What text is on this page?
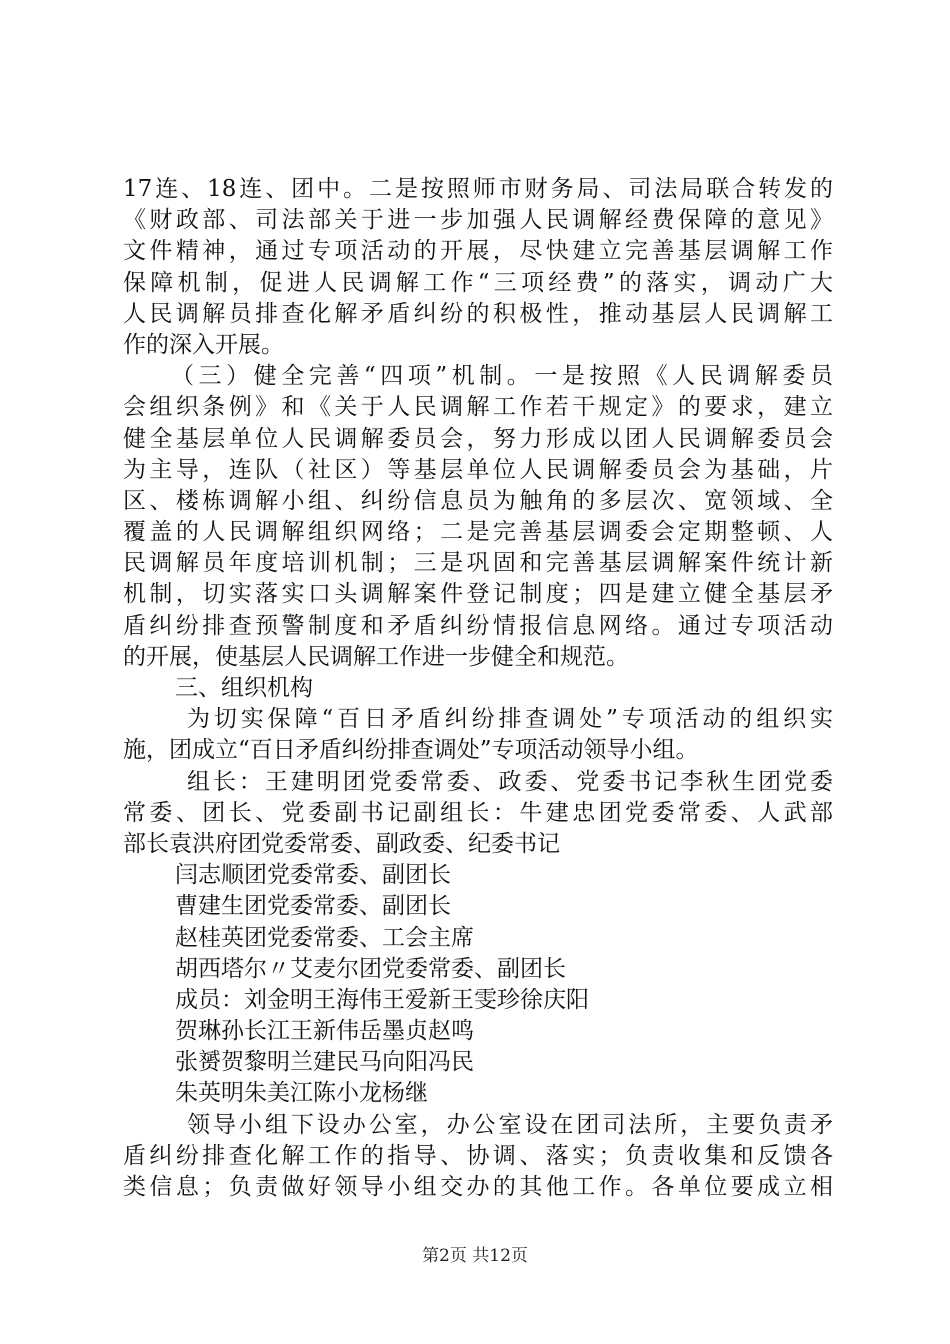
17连、18连、团中。二是按照师市财务局、司法局联合转发的
《财政部、司法部关于进一步加强人民调解经费保障的意见》
文件精神，通过专项活动的开展，尽快建立完善基层调解工作
保障机制，促进人民调解工作“三项经费”的落实，调动广大
人民调解员排查化解矛盾纠纷的积极性，推动基层人民调解工
作的深入开展。
（三）健全完善“四项”机制。一是按照《人民调解委员
会组织条例》和《关于人民调解工作若干规定》的要求，建立
健全基层单位人民调解委员会，努力形成以团人民调解委员会
为主导，连队（社区）等基层单位人民调解委员会为基础，片
区、楼栋调解小组、纠纷信息员为触角的多层次、宽领域、全
覆盖的人民调解组织网络；二是完善基层调委会定期整顿、人
民调解员年度培训机制；三是巩固和完善基层调解案件统计新
机制，切实落实口头调解案件登记制度；四是建立健全基层矛
盾纠纷排查预警制度和矛盾纠纷情报信息网络。通过专项活动
的开展，使基层人民调解工作进一步健全和规范。
三、组织机构
为切实保障“百日矛盾纠纷排查调处”专项活动的组织实
施，团成立“百日矛盾纠纷排查调处”专项活动领导小组。
组长：王建明团党委常委、政委、党委书记李秋生团党委
常委、团长、党委副书记副组长：牛建忠团党委常委、人武部
部长袁洪府团党委常委、副政委、纪委书记
闫志顺团党委常委、副团长
曹建生团党委常委、副团长
赵桂英团党委常委、工会主席
胡西塔尔〃艾麦尔团党委常委、副团长
成员：刘金明王海伟王爱新王雯珍徐庆阳
贺琳孙长江王新伟岳墨贞赵鸣
张赟贺黎明兰建民马向阳冯民
朱英明朱美江陈小龙杨继
领导小组下设办公室，办公室设在团司法所，主要负责矛
盾纠纷排查化解工作的指导、协调、落实；负责收集和反馈各
类信息；负责做好领导小组交办的其他工作。各单位要成立相
第2页 共12页
